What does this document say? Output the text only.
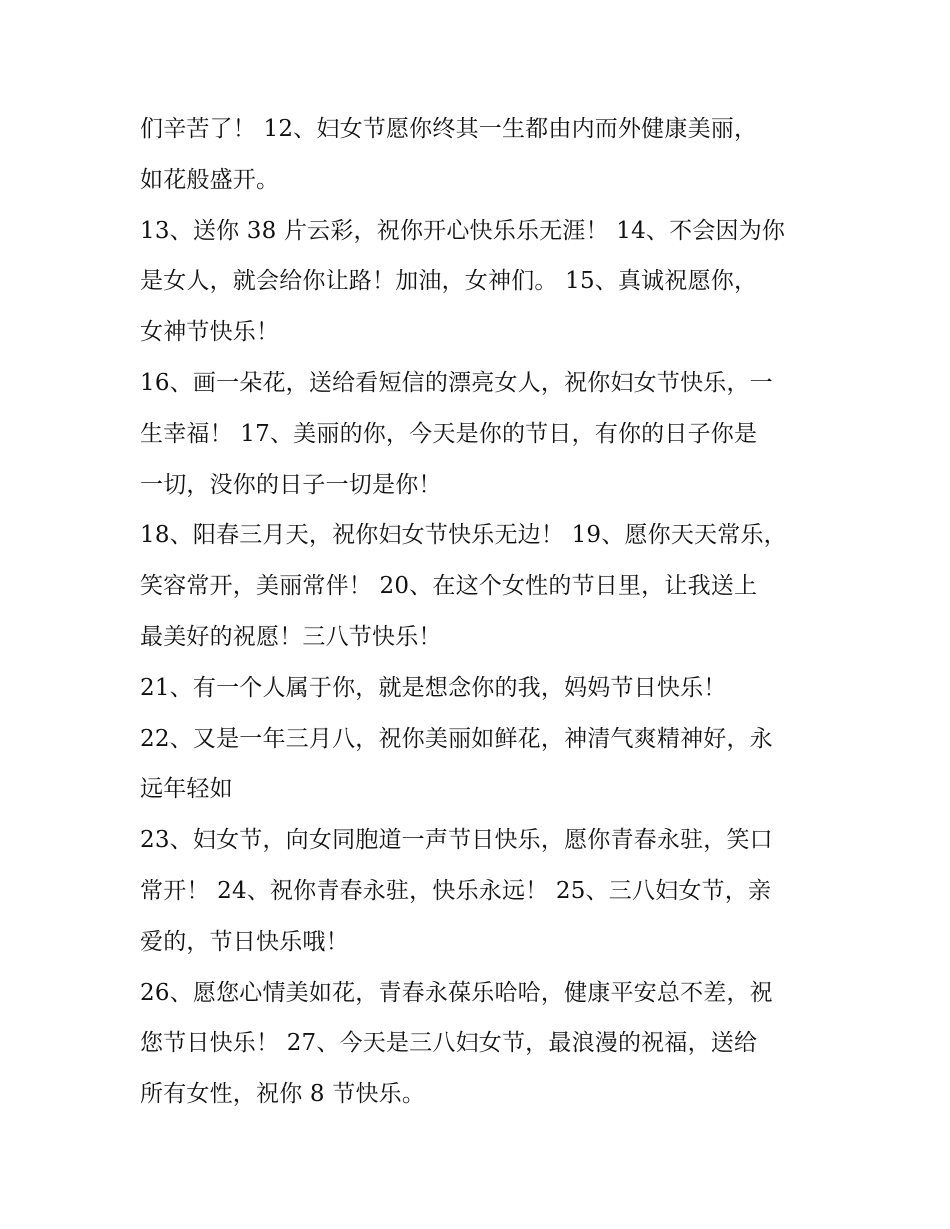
们辛苦了！ 12、妇女节愿你终其一生都由内而外健康美丽，
如花般盛开。
13、送你 38 片云彩，祝你开心快乐乐无涯！ 14、不会因为你
是女人，就会给你让路！加油，女神们。 15、真诚祝愿你，
女神节快乐！
16、画一朵花，送给看短信的漂亮女人，祝你妇女节快乐，一
生幸福！ 17、美丽的你，今天是你的节日，有你的日子你是
一切，没你的日子一切是你！
18、阳春三月天，祝你妇女节快乐无边！ 19、愿你天天常乐，
笑容常开，美丽常伴！ 20、在这个女性的节日里，让我送上
最美好的祝愿！三八节快乐！
21、有一个人属于你，就是想念你的我，妈妈节日快乐！
22、又是一年三月八，祝你美丽如鲜花，神清气爽精神好，永
远年轻如
23、妇女节，向女同胞道一声节日快乐，愿你青春永驻，笑口
常开！ 24、祝你青春永驻，快乐永远！ 25、三八妇女节，亲
爱的，节日快乐哦！
26、愿您心情美如花，青春永葆乐哈哈，健康平安总不差，祝
您节日快乐！ 27、今天是三八妇女节，最浪漫的祝福，送给
所有女性，祝你 8 节快乐。
